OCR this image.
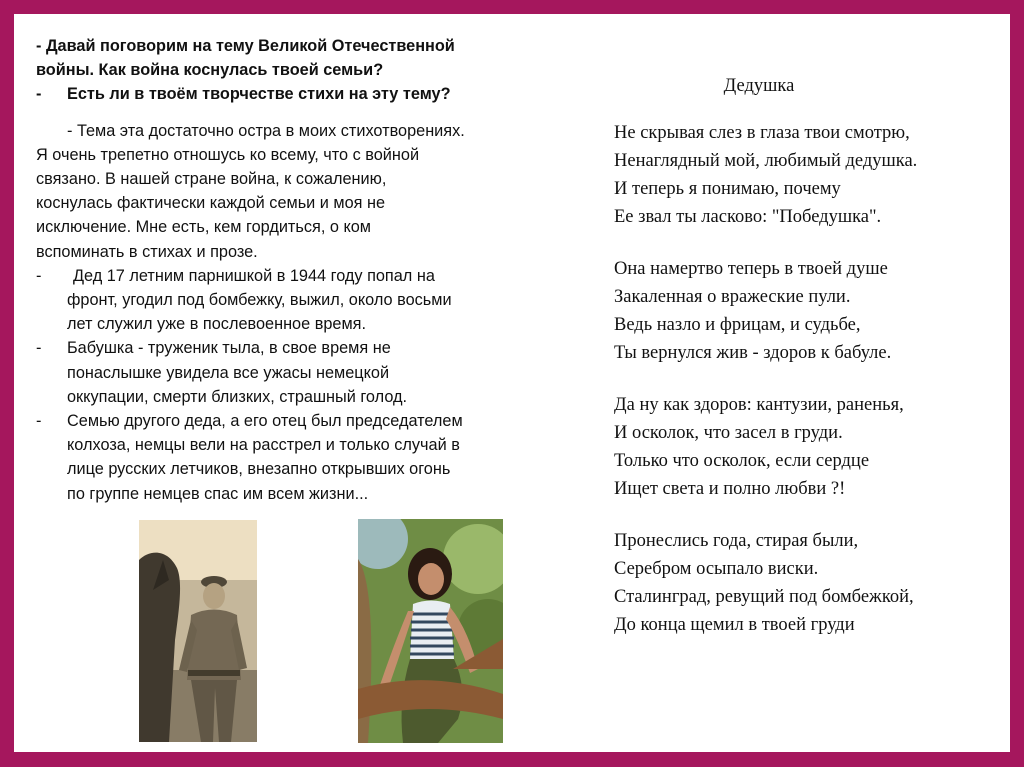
- Давай поговорим на тему Великой Отечественной
войны. Как война коснулась твоей семьи?
-	Есть ли в твоём творчестве стихи на эту тему?
- Тема эта достаточно остра в моих стихотворениях.
Я очень трепетно отношусь ко всему, что с войной
связано. В нашей стране война, к сожалению,
коснулась фактически каждой семьи и моя не
исключение. Мне есть, кем гордиться, о ком
вспоминать в стихах и прозе.
-	Дед 17 летним парнишкой в 1944 году попал на
фронт, угодил под бомбежку, выжил, около восьми
лет служил уже в послевоенное время.
-	Бабушка - труженик тыла, в свое время не
понаслышке увидела все ужасы немецкой
оккупации, смерти близких, страшный голод.
-	Семью другого деда, а его отец был председателем
колхоза, немцы вели на расстрел и только случай в
лице русских летчиков, внезапно открывших огонь
по группе немцев спас им всем жизни...
Дедушка
Не скрывая слез в глаза твои смотрю,
Ненаглядный мой, любимый дедушка.
И теперь я понимаю, почему
Ее звал ты ласково: "Победушка".
Она намертво теперь в твоей душе
Закаленная о вражеские пули.
Ведь назло и фрицам, и судьбе,
Ты вернулся жив - здоров к бабуле.
Да ну как здоров: кантузии, раненья,
И осколок, что засел в груди.
Только что осколок, если сердце
Ищет света и полно любви ?!
Пронеслись года, стирая были,
Серебром осыпало виски.
Сталинград, ревущий под бомбежкой,
До конца щемил в твоей груди
